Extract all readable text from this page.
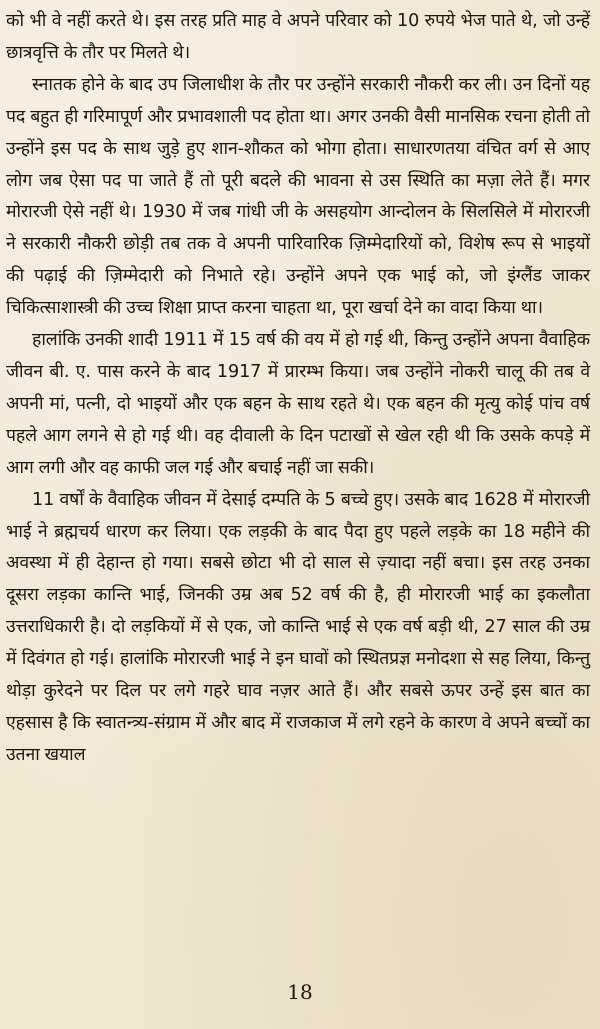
को भी वे नहीं करते थे। इस तरह प्रति माह वे अपने परिवार को 10 रुपये भेज पाते थे, जो उन्हें छात्रवृत्ति के तौर पर मिलते थे।

स्नातक होने के बाद उप जिलाधीश के तौर पर उन्होंने सरकारी नौकरी कर ली। उन दिनों यह पद बहुत ही गरिमापूर्ण और प्रभावशाली पद होता था। अगर उनकी वैसी मानसिक रचना होती तो उन्होंने इस पद के साथ जुड़े हुए शान-शौकत को भोगा होता। साधारणतया वंचित वर्ग से आए लोग जब ऐसा पद पा जाते हैं तो पूरी बदले की भावना से उस स्थिति का मज़ा लेते हैं। मगर मोरारजी ऐसे नहीं थे। 1930 में जब गांधी जी के असहयोग आन्दोलन के सिलसिले में मोरारजी ने सरकारी नौकरी छोड़ी तब तक वे अपनी पारिवारिक ज़िम्मेदारियों को, विशेष रूप से भाइयों की पढ़ाई की ज़िम्मेदारी को निभाते रहे। उन्होंने अपने एक भाई को, जो इंग्लैंड जाकर चिकित्साशास्त्री की उच्च शिक्षा प्राप्त करना चाहता था, पूरा खर्चा देने का वादा किया था।

हालांकि उनकी शादी 1911 में 15 वर्ष की वय में हो गई थी, किन्तु उन्होंने अपना वैवाहिक जीवन बी. ए. पास करने के बाद 1917 में प्रारम्भ किया। जब उन्होंने नोकरी चालू की तब वे अपनी मां, पत्नी, दो भाइयों और एक बहन के साथ रहते थे। एक बहन की मृत्यु कोई पांच वर्ष पहले आग लगने से हो गई थी। वह दीवाली के दिन पटाखों से खेल रही थी कि उसके कपड़े में आग लगी और वह काफी जल गई और बचाई नहीं जा सकी।

11 वर्षों के वैवाहिक जीवन में देसाई दम्पति के 5 बच्चे हुए। उसके बाद 1628 में मोरारजी भाई ने ब्रह्मचर्य धारण कर लिया। एक लड़की के बाद पैदा हुए पहले लड़के का 18 महीने की अवस्था में ही देहान्त हो गया। सबसे छोटा भी दो साल से ज़्यादा नहीं बचा। इस तरह उनका दूसरा लड़का कान्ति भाई, जिनकी उम्र अब 52 वर्ष की है, ही मोरारजी भाई का इकलौता उत्तराधिकारी है। दो लड़कियों में से एक, जो कान्ति भाई से एक वर्ष बड़ी थी, 27 साल की उम्र में दिवंगत हो गई। हालांकि मोरारजी भाई ने इन घावों को स्थितप्रज्ञ मनोदशा से सह लिया, किन्तु थोड़ा कुरेदने पर दिल पर लगे गहरे घाव नज़र आते हैं। और सबसे ऊपर उन्हें इस बात का एहसास है कि स्वातन्त्र्य-संग्राम में और बाद में राजकाज में लगे रहने के कारण वे अपने बच्चों का उतना खयाल

18
